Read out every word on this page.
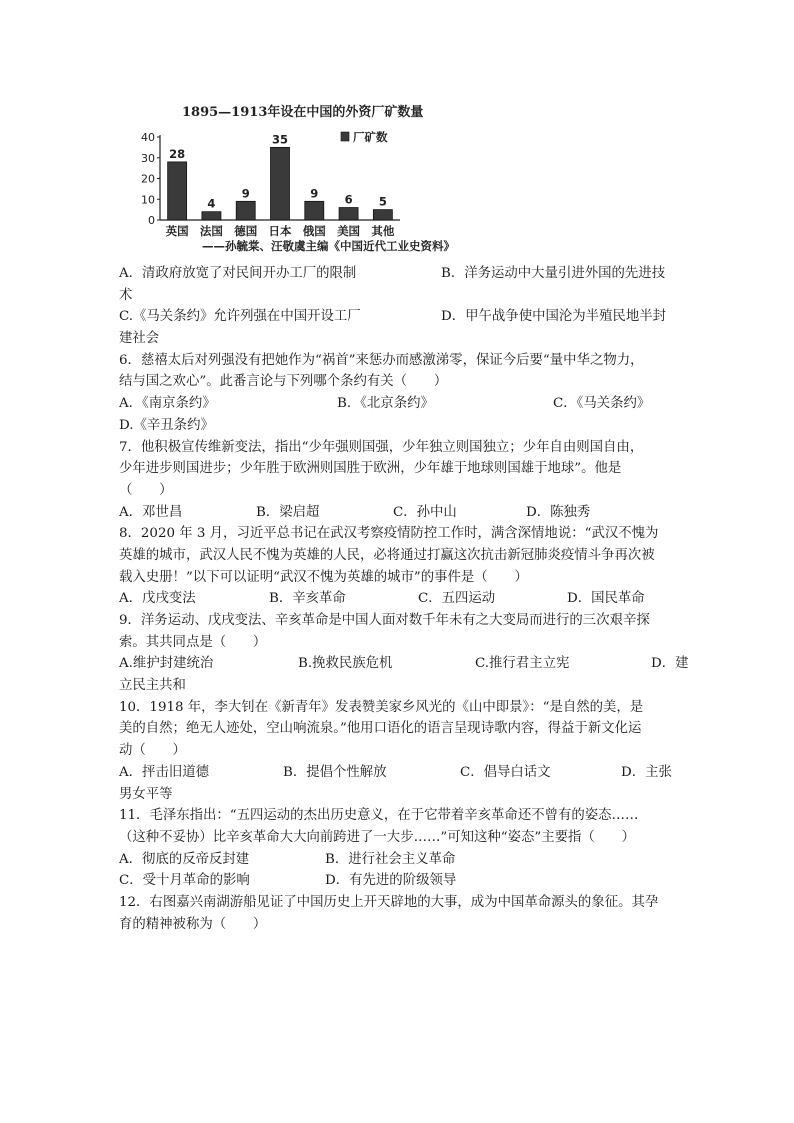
1895—1913年设在中国的外资厂矿数量
0
10
20
30
40
28
英国
4
法国
9
德国
35
日本
9
俄国
6
美国
5
其他
厂矿数
——孙毓棠、汪敬虞主编《中国近代工业史资料》
A．清政府放宽了对民间开办工厂的限制	B．洋务运动中大量引进外国的先进技
术
C.《马关条约》允许列强在中国开设工厂	D．甲午战争使中国沦为半殖民地半封
建社会
6．慈禧太后对列强没有把她作为“祸首”来惩办而感激涕零，保证今后要“量中华之物力，
结与国之欢心”。此番言论与下列哪个条约有关（　　）
A．《南京条约》	B．《北京条约》	C．《马关条约》
D.《辛丑条约》
7．他积极宣传维新变法，指出“少年强则国强，少年独立则国独立；少年自由则国自由，
少年进步则国进步；少年胜于欧洲则国胜于欧洲，少年雄于地球则国雄于地球”。他是
（　　）
A．邓世昌	B．梁启超	C．孙中山	D．陈独秀
8．2020 年 3 月，习近平总书记在武汉考察疫情防控工作时，满含深情地说：“武汉不愧为
英雄的城市，武汉人民不愧为英雄的人民，必将通过打赢这次抗击新冠肺炎疫情斗争再次被
载入史册！”以下可以证明“武汉不愧为英雄的城市”的事件是（　　）
A．戊戌变法	B．辛亥革命	C．五四运动	D．国民革命
9．洋务运动、戊戌变法、辛亥革命是中国人面对数千年未有之大变局而进行的三次艰辛探
索。其共同点是（　　）
A.维护封建统治	B.挽救民族危机	C.推行君主立宪	D．建
立民主共和
10．1918 年，李大钊在《新青年》发表赞美家乡风光的《山中即景》：“是自然的美，是
美的自然；绝无人迹处，空山响流泉。”他用口语化的语言呈现诗歌内容，得益于新文化运
动（　　）
A．抨击旧道德	B．提倡个性解放	C．倡导白话文	D．主张
男女平等
11．毛泽东指出：“五四运动的杰出历史意义，在于它带着辛亥革命还不曾有的姿态……
（这种不妥协）比辛亥革命大大向前跨进了一大步……”可知这种“姿态”主要指（　　）
A．彻底的反帝反封建	B．进行社会主义革命
C．受十月革命的影响	D．有先进的阶级领导
12．右图嘉兴南湖游船见证了中国历史上开天辟地的大事，成为中国革命源头的象征。其孕
育的精神被称为（　　）
